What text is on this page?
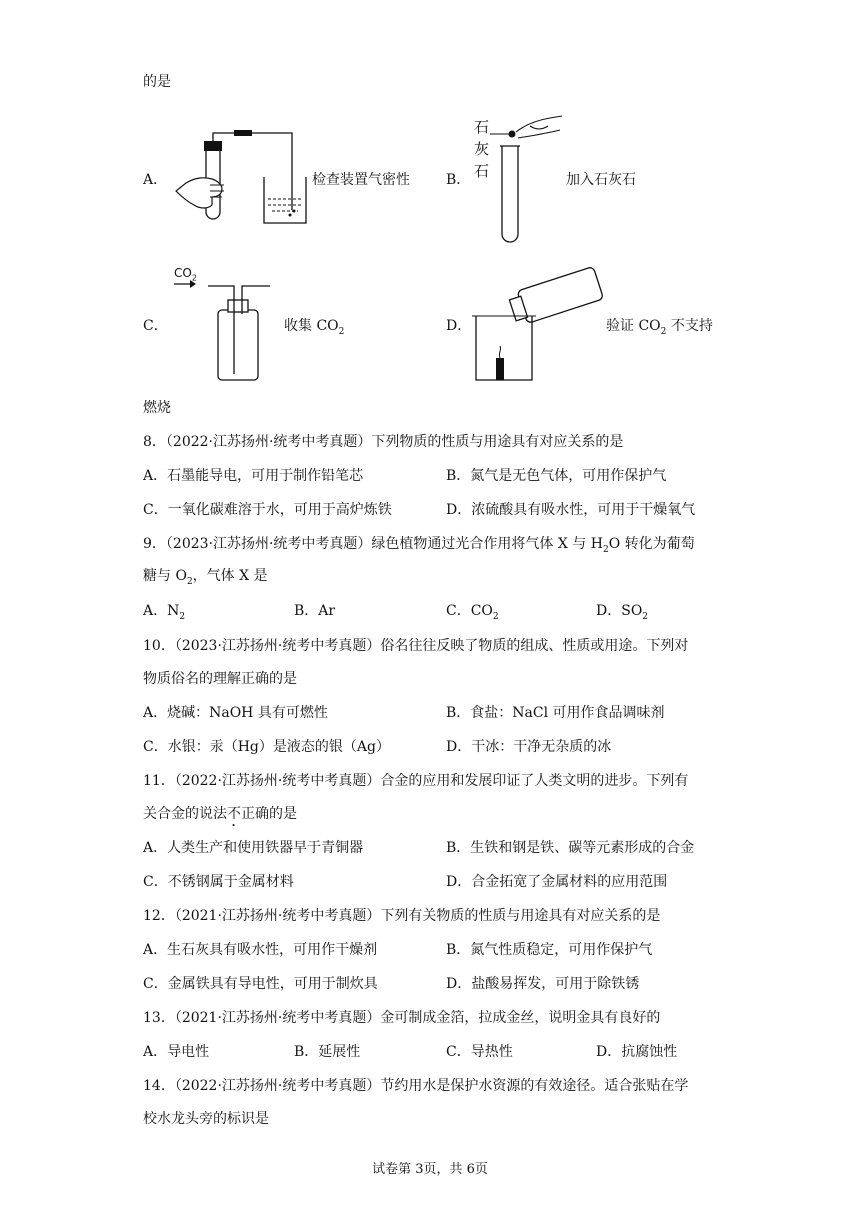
的是
A．	检查装置气密性	B．
石
灰
石	加入石灰石
C．
$CO_2$
收集 $CO_2$	D．	验证 $CO_2$ 不支持
燃烧
8．（2022·江苏扬州·统考中考真题）下列物质的性质与用途具有对应关系的是
A．石墨能导电，可用于制作铅笔芯	B．氮气是无色气体，可用作保护气
C．一氧化碳难溶于水，可用于高炉炼铁	D．浓硫酸具有吸水性，可用于干燥氧气
9．（2023·江苏扬州·统考中考真题）绿色植物通过光合作用将气体 X 与 $H_2O$ 转化为葡萄
糖与 $O_2$，气体 X 是
A．$N_2$	B．Ar	C．$CO_2$	D．$SO_2$
10．（2023·江苏扬州·统考中考真题）俗名往往反映了物质的组成、性质或用途。下列对
物质俗名的理解正确的是
A．烧碱：NaOH 具有可燃性	B．食盐：NaCl 可用作食品调味剂
C．水银：汞（Hg）是液态的银（Ag）	D．干冰：干净无杂质的冰
11．（2022·江苏扬州·统考中考真题）合金的应用和发展印证了人类文明的进步。下列有
关合金的说法不正确的是
A．人类生产和使用铁器早于青铜器	B．生铁和钢是铁、碳等元素形成的合金
C．不锈钢属于金属材料	D．合金拓宽了金属材料的应用范围
12．（2021·江苏扬州·统考中考真题）下列有关物质的性质与用途具有对应关系的是
A．生石灰具有吸水性，可用作干燥剂	B．氮气性质稳定，可用作保护气
C．金属铁具有导电性，可用于制炊具	D．盐酸易挥发，可用于除铁锈
13．（2021·江苏扬州·统考中考真题）金可制成金箔，拉成金丝，说明金具有良好的
A．导电性	B．延展性	C．导热性	D．抗腐蚀性
14．（2022·江苏扬州·统考中考真题）节约用水是保护水资源的有效途径。适合张贴在学
校水龙头旁的标识是
试卷第 3页，共 6页
